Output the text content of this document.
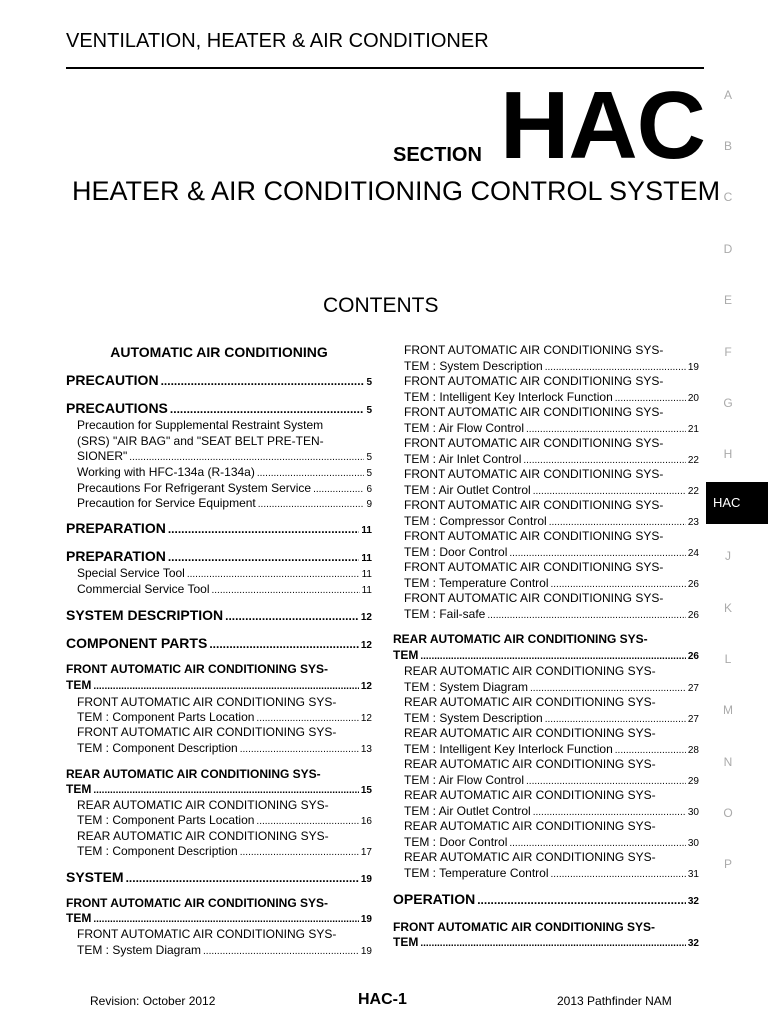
VENTILATION, HEATER & AIR CONDITIONER
SECTION HAC
HEATER & AIR CONDITIONING CONTROL SYSTEM
CONTENTS
A
B
C
D
E
F
G
H
HAC
J
K
L
M
N
O
P
AUTOMATIC AIR CONDITIONING
PRECAUTION .....	5
PRECAUTIONS .....	5
Precaution for Supplemental Restraint System
(SRS) "AIR BAG" and "SEAT BELT PRE-TEN-
SIONER" .....	5
Working with HFC-134a (R-134a) .....	5
Precautions For Refrigerant System Service .....	6
Precaution for Service Equipment .....	9
PREPARATION .....	11
PREPARATION .....	11
Special Service Tool .....	11
Commercial Service Tool .....	11
SYSTEM DESCRIPTION .....	12
COMPONENT PARTS .....	12
FRONT AUTOMATIC AIR CONDITIONING SYS-
TEM .....	12
FRONT AUTOMATIC AIR CONDITIONING SYS-
TEM : Component Parts Location .....	12
FRONT AUTOMATIC AIR CONDITIONING SYS-
TEM : Component Description .....	13
REAR AUTOMATIC AIR CONDITIONING SYS-
TEM .....	15
REAR AUTOMATIC AIR CONDITIONING SYS-
TEM : Component Parts Location .....	16
REAR AUTOMATIC AIR CONDITIONING SYS-
TEM : Component Description .....	17
SYSTEM .....	19
FRONT AUTOMATIC AIR CONDITIONING SYS-
TEM .....	19
FRONT AUTOMATIC AIR CONDITIONING SYS-
TEM : System Diagram .....	19
FRONT AUTOMATIC AIR CONDITIONING SYS-
TEM : System Description .....	19
FRONT AUTOMATIC AIR CONDITIONING SYS-
TEM : Intelligent Key Interlock Function .....	20
FRONT AUTOMATIC AIR CONDITIONING SYS-
TEM : Air Flow Control .....	21
FRONT AUTOMATIC AIR CONDITIONING SYS-
TEM : Air Inlet Control .....	22
FRONT AUTOMATIC AIR CONDITIONING SYS-
TEM : Air Outlet Control .....	22
FRONT AUTOMATIC AIR CONDITIONING SYS-
TEM : Compressor Control .....	23
FRONT AUTOMATIC AIR CONDITIONING SYS-
TEM : Door Control .....	24
FRONT AUTOMATIC AIR CONDITIONING SYS-
TEM : Temperature Control .....	26
FRONT AUTOMATIC AIR CONDITIONING SYS-
TEM : Fail-safe .....	26
REAR AUTOMATIC AIR CONDITIONING SYS-
TEM .....	26
REAR AUTOMATIC AIR CONDITIONING SYS-
TEM : System Diagram .....	27
REAR AUTOMATIC AIR CONDITIONING SYS-
TEM : System Description .....	27
REAR AUTOMATIC AIR CONDITIONING SYS-
TEM : Intelligent Key Interlock Function .....	28
REAR AUTOMATIC AIR CONDITIONING SYS-
TEM : Air Flow Control .....	29
REAR AUTOMATIC AIR CONDITIONING SYS-
TEM : Air Outlet Control .....	30
REAR AUTOMATIC AIR CONDITIONING SYS-
TEM : Door Control .....	30
REAR AUTOMATIC AIR CONDITIONING SYS-
TEM : Temperature Control .....	31
OPERATION .....	32
FRONT AUTOMATIC AIR CONDITIONING SYS-
TEM .....	32
Revision: October 2012	HAC-1	2013 Pathfinder NAM
